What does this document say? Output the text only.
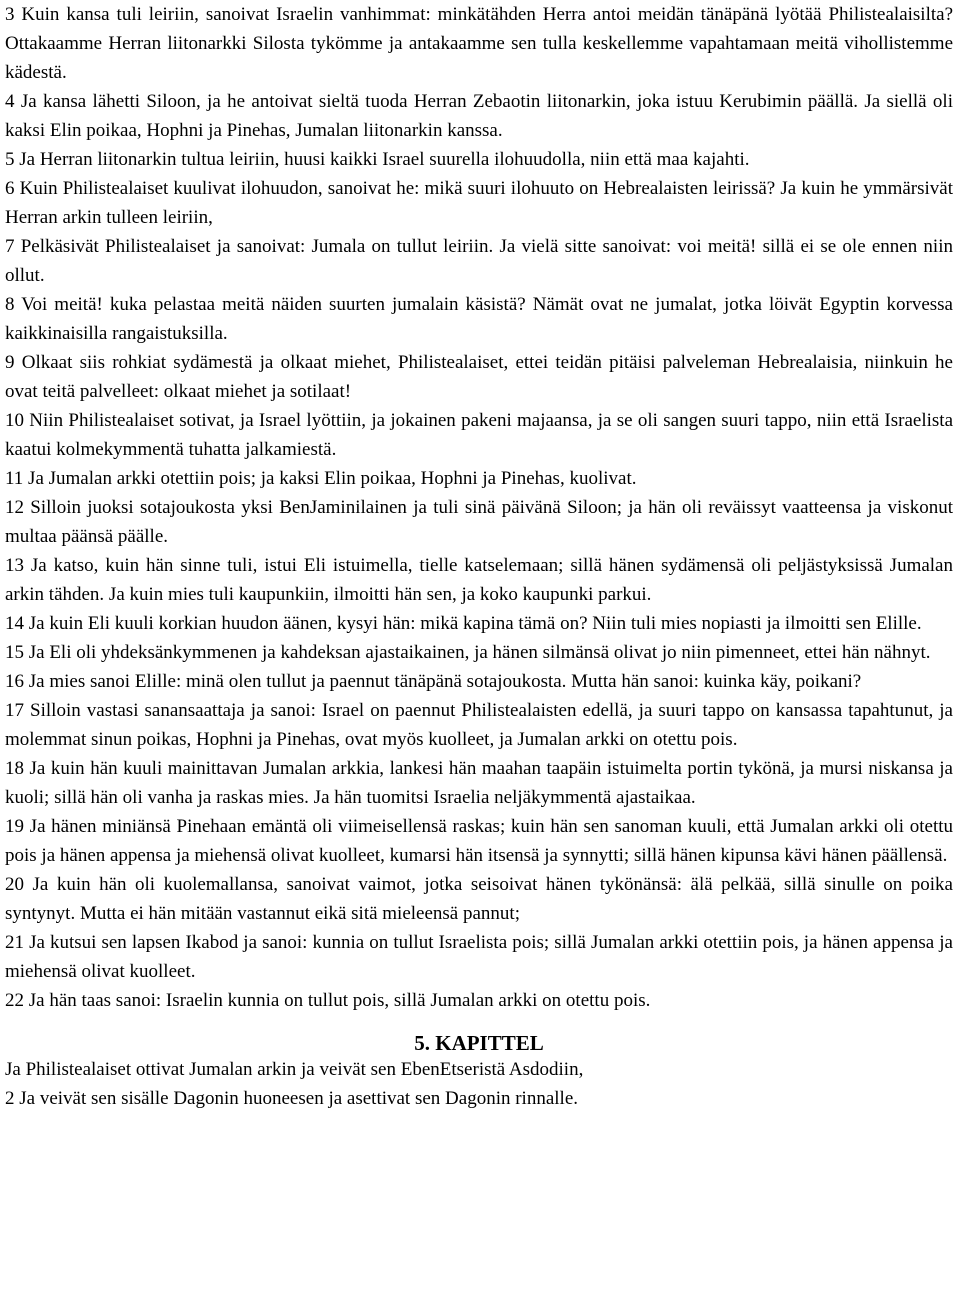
3 Kuin kansa tuli leiriin, sanoivat Israelin vanhimmat: minkätähden Herra antoi meidän tänäpänä lyötää Philistealaisilta? Ottakaamme Herran liitonarkki Silosta tykömme ja antakaamme sen tulla keskellemme vapahtamaan meitä vihollistemme kädestä.

4 Ja kansa lähetti Siloon, ja he antoivat sieltä tuoda Herran Zebaotin liitonarkin, joka istuu Kerubimin päällä. Ja siellä oli kaksi Elin poikaa, Hophni ja Pinehas, Jumalan liitonarkin kanssa.

5 Ja Herran liitonarkin tultua leiriin, huusi kaikki Israel suurella ilohuudolla, niin että maa kajahti.

6 Kuin Philistealaiset kuulivat ilohuudon, sanoivat he: mikä suuri ilohuuto on Hebrealaisten leirissä? Ja kuin he ymmärsivät Herran arkin tulleen leiriin,

7 Pelkäsivät Philistealaiset ja sanoivat: Jumala on tullut leiriin. Ja vielä sitte sanoivat: voi meitä! sillä ei se ole ennen niin ollut.

8 Voi meitä! kuka pelastaa meitä näiden suurten jumalain käsistä? Nämät ovat ne jumalat, jotka löivät Egyptin korvessa kaikkinaisilla rangaistuksilla.

9 Olkaat siis rohkiat sydämestä ja olkaat miehet, Philistealaiset, ettei teidän pitäisi palveleman Hebrealaisia, niinkuin he ovat teitä palvelleet: olkaat miehet ja sotilaat!

10 Niin Philistealaiset sotivat, ja Israel lyöttiin, ja jokainen pakeni majaansa, ja se oli sangen suuri tappo, niin että Israelista kaatui kolmekymmentä tuhatta jalkamiestä.

11 Ja Jumalan arkki otettiin pois; ja kaksi Elin poikaa, Hophni ja Pinehas, kuolivat.

12 Silloin juoksi sotajoukosta yksi BenJaminilainen ja tuli sinä päivänä Siloon; ja hän oli reväissyt vaatteensa ja viskonut multaa päänsä päälle.

13 Ja katso, kuin hän sinne tuli, istui Eli istuimella, tielle katselemaan; sillä hänen sydämensä oli peljästyksissä Jumalan arkin tähden. Ja kuin mies tuli kaupunkiin, ilmoitti hän sen, ja koko kaupunki parkui.

14 Ja kuin Eli kuuli korkian huudon äänen, kysyi hän: mikä kapina tämä on? Niin tuli mies nopiasti ja ilmoitti sen Elille.

15 Ja Eli oli yhdeksänkymmenen ja kahdeksan ajastaikainen, ja hänen silmänsä olivat jo niin pimenneet, ettei hän nähnyt.

16 Ja mies sanoi Elille: minä olen tullut ja paennut tänäpänä sotajoukosta. Mutta hän sanoi: kuinka käy, poikani?

17 Silloin vastasi sanansaattaja ja sanoi: Israel on paennut Philistealaisten edellä, ja suuri tappo on kansassa tapahtunut, ja molemmat sinun poikas, Hophni ja Pinehas, ovat myös kuolleet, ja Jumalan arkki on otettu pois.

18 Ja kuin hän kuuli mainittavan Jumalan arkkia, lankesi hän maahan taapäin istuimelta portin tykönä, ja mursi niskansa ja kuoli; sillä hän oli vanha ja raskas mies. Ja hän tuomitsi Israelia neljäkymmentä ajastaikaa.

19 Ja hänen miniänsä Pinehaan emäntä oli viimeisellensä raskas; kuin hän sen sanoman kuuli, että Jumalan arkki oli otettu pois ja hänen appensa ja miehensä olivat kuolleet, kumarsi hän itsensä ja synnytti; sillä hänen kipunsa kävi hänen päällensä.

20 Ja kuin hän oli kuolemallansa, sanoivat vaimot, jotka seisoivat hänen tykönänsä: älä pelkää, sillä sinulle on poika syntynyt. Mutta ei hän mitään vastannut eikä sitä mieleensä pannut;

21 Ja kutsui sen lapsen Ikabod ja sanoi: kunnia on tullut Israelista pois; sillä Jumalan arkki otettiin pois, ja hänen appensa ja miehensä olivat kuolleet.

22 Ja hän taas sanoi: Israelin kunnia on tullut pois, sillä Jumalan arkki on otettu pois.

5. KAPITTEL

Ja Philistealaiset ottivat Jumalan arkin ja veivät sen EbenEtseristä Asdodiin,

2 Ja veivät sen sisälle Dagonin huoneesen ja asettivat sen Dagonin rinnalle.
